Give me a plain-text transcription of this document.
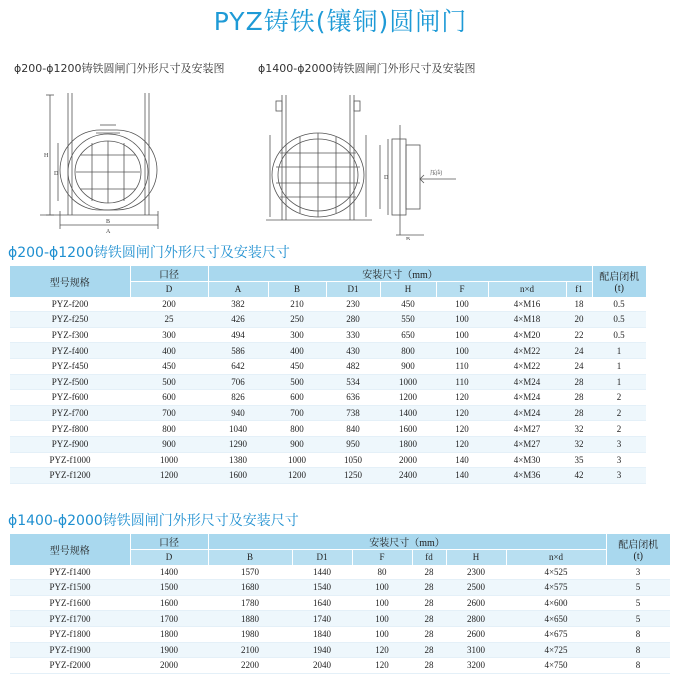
PYZ铸铁(镶铜)圆闸门
ϕ200-ϕ1200铸铁圆闸门外形尺寸及安装图	ϕ1400-ϕ2000铸铁圆闸门外形尺寸及安装图
H
D
A
B
D
压向
B
ϕ200-ϕ1200铸铁圆闸门外形尺寸及安装尺寸
型号规格	口径	安装尺寸（mm）							配启闭机
(t)

	D	A	B	D1	H	F	n×d	f1	
PYZ-f200	200	382	210	230	450	100	4×M16	18	0.5
PYZ-f250	25	426	250	280	550	100	4×M18	20	0.5
PYZ-f300	300	494	300	330	650	100	4×M20	22	0.5
PYZ-f400	400	586	400	430	800	100	4×M22	24	1
PYZ-f450	450	642	450	482	900	110	4×M22	24	1
PYZ-f500	500	706	500	534	1000	110	4×M24	28	1
PYZ-f600	600	826	600	636	1200	120	4×M24	28	2
PYZ-f700	700	940	700	738	1400	120	4×M24	28	2
PYZ-f800	800	1040	800	840	1600	120	4×M27	32	2
PYZ-f900	900	1290	900	950	1800	120	4×M27	32	3
PYZ-f1000	1000	1380	1000	1050	2000	140	4×M30	35	3
PYZ-f1200	1200	1600	1200	1250	2400	140	4×M36	42	3
ϕ1400-ϕ2000铸铁圆闸门外形尺寸及安装尺寸
型号规格	口径	安装尺寸（mm）						配启闭机
(t)

	D	B	D1	F	fd	H	n×d	
PYZ-f1400	1400	1570	1440	80	28	2300	4×525	3
PYZ-f1500	1500	1680	1540	100	28	2500	4×575	5
PYZ-f1600	1600	1780	1640	100	28	2600	4×600	5
PYZ-f1700	1700	1880	1740	100	28	2800	4×650	5
PYZ-f1800	1800	1980	1840	100	28	2600	4×675	8
PYZ-f1900	1900	2100	1940	120	28	3100	4×725	8
PYZ-f2000	2000	2200	2040	120	28	3200	4×750	8
